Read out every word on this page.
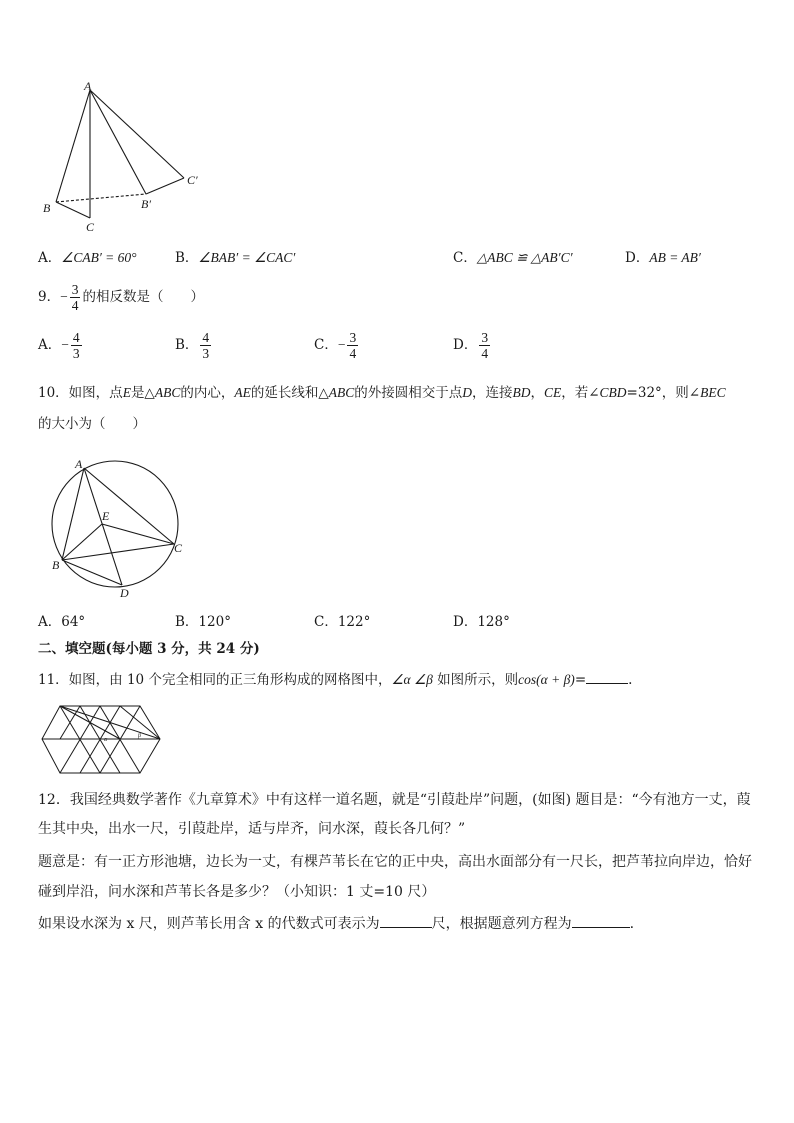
A
B
C
B′
C′
A．∠CAB′ = 60°	B．∠BAB′ = ∠CAC′	C．△ABC ≌ △AB′C′	D．AB = AB′
9．− $\frac{3}{4}$ 的相反数是（　　）
A．− $\frac{4}{3}$	B． $\frac{4}{3}$	C．− $\frac{3}{4}$	D． $\frac{3}{4}$
10．如图，点E是△ABC的内心，AE的延长线和△ABC的外接圆相交于点D，连接BD，CE，若∠CBD=32°，则∠BEC
的大小为（　　）
A
B
C
D
E
A．64°	B．120°	C．122°	D．128°
二、填空题(每小题 3 分，共 24 分)
11．如图，由 10 个完全相同的正三角形构成的网格图中，∠α ∠β 如图所示，则cos(α + β)=	.
α
β
12．我国经典数学著作《九章算术》中有这样一道名题，就是“引葭赴岸”问题，(如图) 题目是：“今有池方一丈，葭
生其中央，出水一尺，引葭赴岸，适与岸齐，问水深，葭长各几何？”
题意是：有一正方形池塘，边长为一丈，有棵芦苇长在它的正中央，高出水面部分有一尺长，把芦苇拉向岸边，恰好
碰到岸沿，问水深和芦苇长各是多少？（小知识：1 丈=10 尺）
如果设水深为 x 尺，则芦苇长用含 x 的代数式可表示为	尺，根据题意列方程为	.
